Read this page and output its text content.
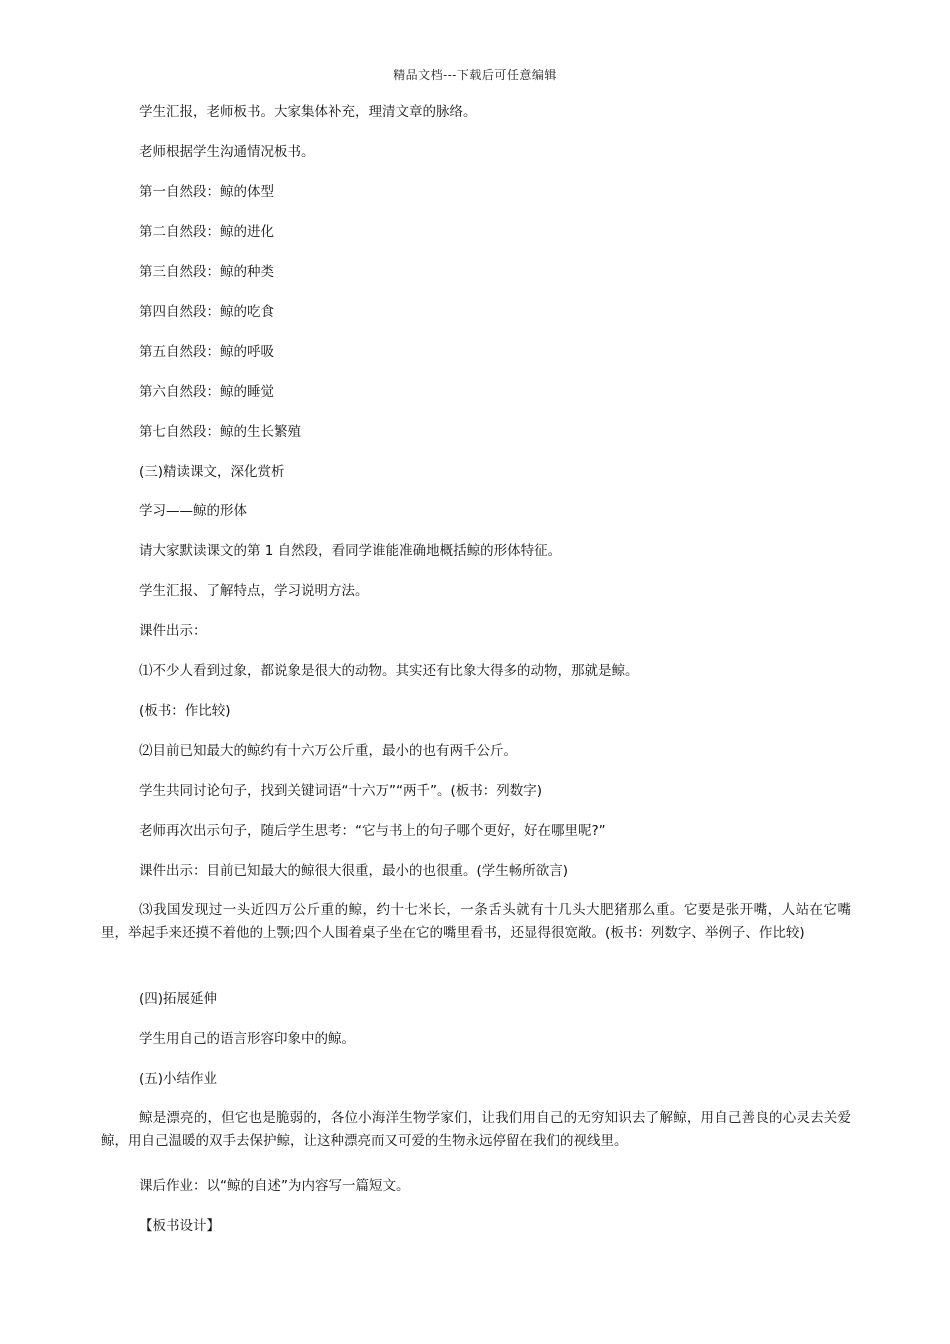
精品文档---下载后可任意编辑
学生汇报，老师板书。大家集体补充，理清文章的脉络。
老师根据学生沟通情况板书。
第一自然段：鲸的体型
第二自然段：鲸的进化
第三自然段：鲸的种类
第四自然段：鲸的吃食
第五自然段：鲸的呼吸
第六自然段：鲸的睡觉
第七自然段：鲸的生长繁殖
(三)精读课文，深化赏析
学习——鲸的形体
请大家默读课文的第 1 自然段，看同学谁能准确地概括鲸的形体特征。
学生汇报、了解特点，学习说明方法。
课件出示：
⑴不少人看到过象，都说象是很大的动物。其实还有比象大得多的动物，那就是鲸。
(板书：作比较)
⑵目前已知最大的鲸约有十六万公斤重，最小的也有两千公斤。
学生共同讨论句子，找到关键词语“十六万”“两千”。(板书：列数字)
老师再次出示句子，随后学生思考：“它与书上的句子哪个更好，好在哪里呢?”
课件出示：目前已知最大的鲸很大很重，最小的也很重。(学生畅所欲言)
⑶我国发现过一头近四万公斤重的鲸，约十七米长，一条舌头就有十几头大肥猪那么重。它要是张开嘴，人站在它嘴里，举起手来还摸不着他的上颚;四个人围着桌子坐在它的嘴里看书，还显得很宽敞。(板书：列数字、举例子、作比较)
(四)拓展延伸
学生用自己的语言形容印象中的鲸。
(五)小结作业
鲸是漂亮的，但它也是脆弱的，各位小海洋生物学家们，让我们用自己的无穷知识去了解鲸，用自己善良的心灵去关爱鲸，用自己温暖的双手去保护鲸，让这种漂亮而又可爱的生物永远停留在我们的视线里。
课后作业：以“鲸的自述”为内容写一篇短文。
【板书设计】
